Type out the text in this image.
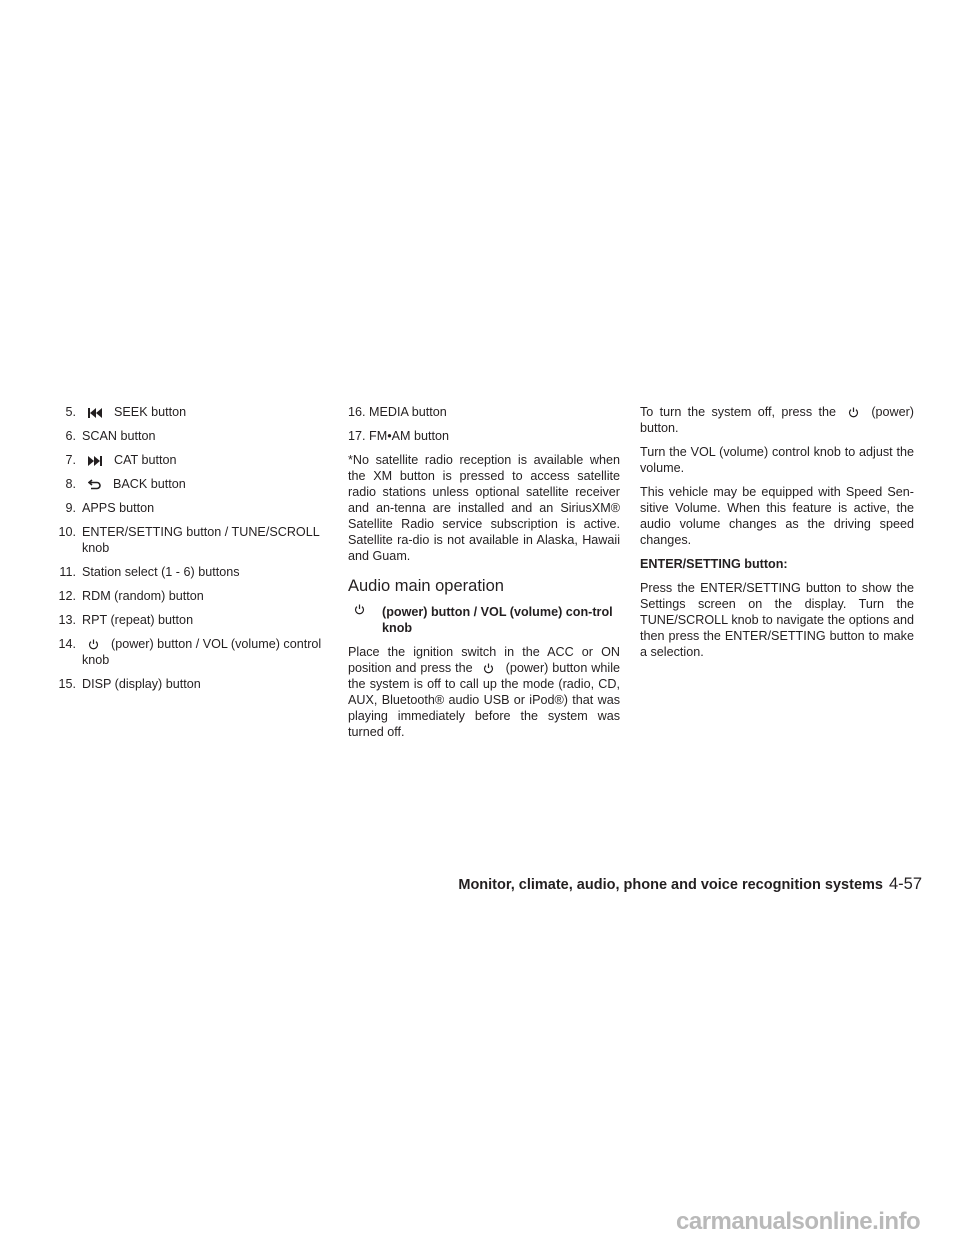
5.	SEEK button
6. SCAN button
7.	CAT button
8.	BACK button
9. APPS button
10. ENTER/SETTING button / TUNE/SCROLL knob
11. Station select (1 - 6) buttons
12. RDM (random) button
13. RPT (repeat) button
14.	(power) button / VOL (volume) control knob
15. DISP (display) button
16. MEDIA button
17. FM•AM button

*No satellite radio reception is available when the XM button is pressed to access satellite radio stations unless optional satellite receiver and an-tenna are installed and an SiriusXM® Satellite Radio service subscription is active. Satellite ra-dio is not available in Alaska, Hawaii and Guam.

Audio main operation
(power) button / VOL (volume) con-trol knob

Place the ignition switch in the ACC or ON position and press the	(power) button while the system is off to call up the mode (radio, CD, AUX, Bluetooth® audio USB or iPod®) that was playing immediately before the system was turned off.

To turn the system off, press the	(power) button.

Turn the VOL (volume) control knob to adjust the volume.

This vehicle may be equipped with Speed Sen-sitive Volume. When this feature is active, the audio volume changes as the driving speed changes.

ENTER/SETTING button:

Press the ENTER/SETTING button to show the Settings screen on the display. Turn the TUNE/SCROLL knob to navigate the options and then press the ENTER/SETTING button to make a selection.

Monitor, climate, audio, phone and voice recognition systems 4-57
carmanualsonline.info
